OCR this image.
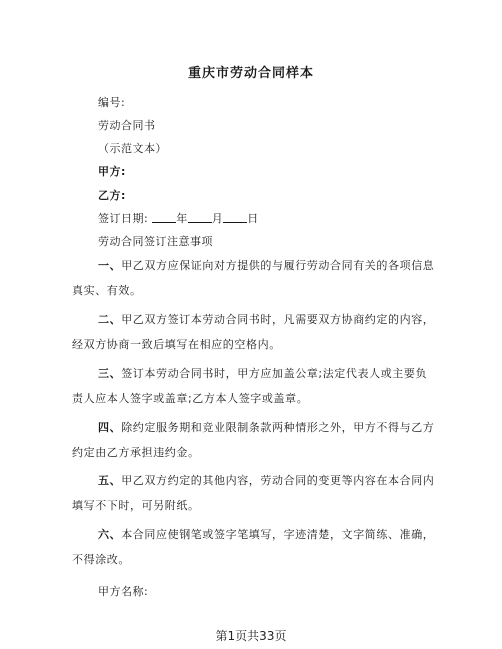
重庆市劳动合同样本
编号:
劳动合同书
（示范文本）
甲方:
乙方:
签订日期:	年 月 日
劳动合同签订注意事项
一、甲乙双方应保证向对方提供的与履行劳动合同有关的各项信息真实、有效。
二、甲乙双方签订本劳动合同书时，凡需要双方协商约定的内容，经双方协商一致后填写在相应的空格内。
三、签订本劳动合同书时，甲方应加盖公章;法定代表人或主要负责人应本人签字或盖章;乙方本人签字或盖章。
四、除约定服务期和竞业限制条款两种情形之外，甲方不得与乙方约定由乙方承担违约金。
五、甲乙双方约定的其他内容，劳动合同的变更等内容在本合同内填写不下时，可另附纸。
六、本合同应使钢笔或签字笔填写，字迹清楚，文字简练、准确，不得涂改。
甲方名称:
第1页共33页
